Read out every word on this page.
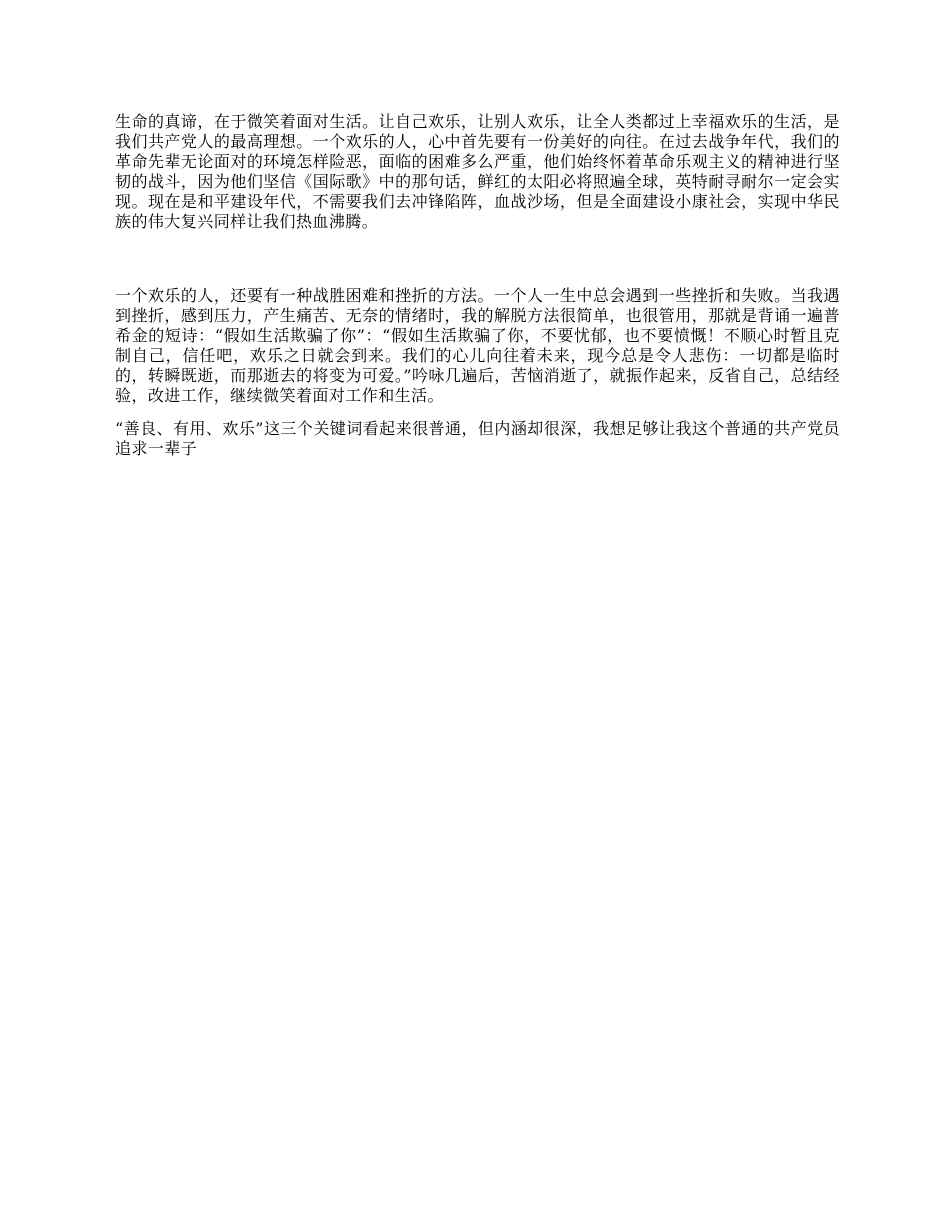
生命的真谛，在于微笑着面对生活。让自己欢乐，让别人欢乐，让全人类都过上幸福欢乐的生活，是我们共产党人的最高理想。一个欢乐的人，心中首先要有一份美好的向往。在过去战争年代，我们的革命先辈无论面对的环境怎样险恶，面临的困难多么严重，他们始终怀着革命乐观主义的精神进行坚韧的战斗，因为他们坚信《国际歌》中的那句话，鲜红的太阳必将照遍全球，英特耐寻耐尔一定会实现。现在是和平建设年代，不需要我们去冲锋陷阵，血战沙场，但是全面建设小康社会，实现中华民族的伟大复兴同样让我们热血沸腾。

一个欢乐的人，还要有一种战胜困难和挫折的方法。一个人一生中总会遇到一些挫折和失败。当我遇到挫折，感到压力，产生痛苦、无奈的情绪时，我的解脱方法很简单，也很管用，那就是背诵一遍普希金的短诗：“假如生活欺骗了你”：“假如生活欺骗了你，不要忧郁，也不要愤慨！不顺心时暂且克制自己，信任吧，欢乐之日就会到来。我们的心儿向往着未来，现今总是令人悲伤：一切都是临时的，转瞬既逝，而那逝去的将变为可爱。”吟咏几遍后，苦恼消逝了，就振作起来，反省自己，总结经验，改进工作，继续微笑着面对工作和生活。

“善良、有用、欢乐”这三个关键词看起来很普通，但内涵却很深，我想足够让我这个普通的共产党员追求一辈子
